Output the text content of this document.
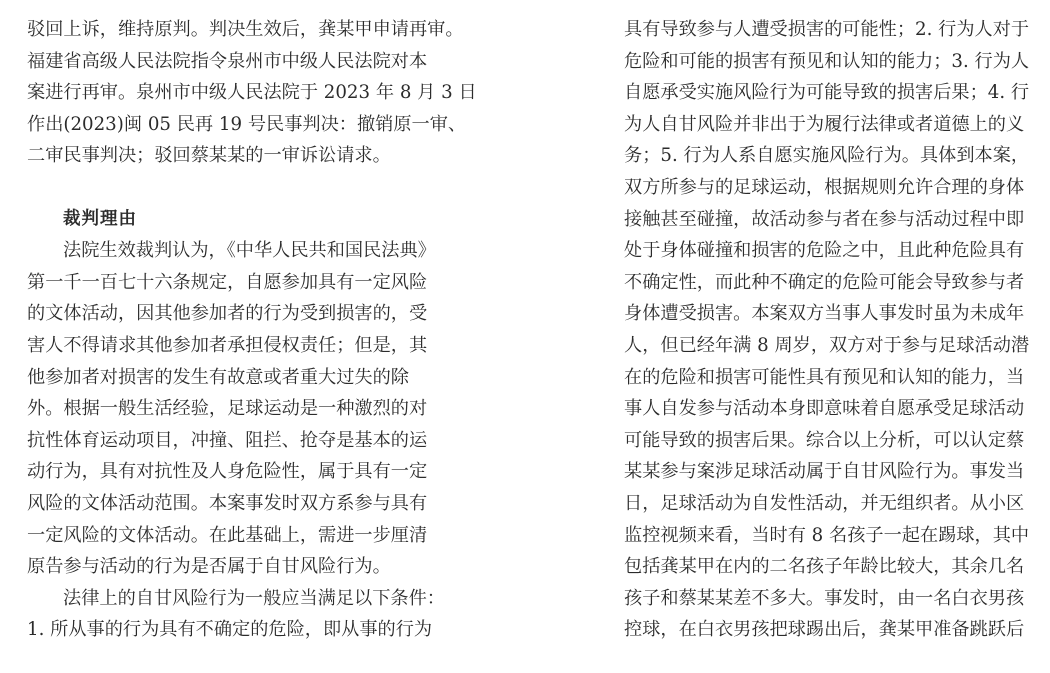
驳回上诉，维持原判。判决生效后，龚某甲申请再审。
福建省高级人民法院指令泉州市中级人民法院对本
案进行再审。泉州市中级人民法院于 2023 年 8 月 3 日
作出(2023)闽 05 民再 19 号民事判决：撤销原一审、
二审民事判决；驳回蔡某某的一审诉讼请求。
裁判理由
法院生效裁判认为，《中华人民共和国民法典》
第一千一百七十六条规定，自愿参加具有一定风险
的文体活动，因其他参加者的行为受到损害的，受
害人不得请求其他参加者承担侵权责任；但是，其
他参加者对损害的发生有故意或者重大过失的除
外。根据一般生活经验，足球运动是一种激烈的对
抗性体育运动项目，冲撞、阻拦、抢夺是基本的运
动行为，具有对抗性及人身危险性，属于具有一定
风险的文体活动范围。本案事发时双方系参与具有
一定风险的文体活动。在此基础上，需进一步厘清
原告参与活动的行为是否属于自甘风险行为。
法律上的自甘风险行为一般应当满足以下条件：
1. 所从事的行为具有不确定的危险，即从事的行为
具有导致参与人遭受损害的可能性；2. 行为人对于
危险和可能的损害有预见和认知的能力；3. 行为人
自愿承受实施风险行为可能导致的损害后果；4. 行
为人自甘风险并非出于为履行法律或者道德上的义
务；5. 行为人系自愿实施风险行为。具体到本案，
双方所参与的足球运动，根据规则允许合理的身体
接触甚至碰撞，故活动参与者在参与活动过程中即
处于身体碰撞和损害的危险之中，且此种危险具有
不确定性，而此种不确定的危险可能会导致参与者
身体遭受损害。本案双方当事人事发时虽为未成年
人，但已经年满 8 周岁，双方对于参与足球活动潜
在的危险和损害可能性具有预见和认知的能力，当
事人自发参与活动本身即意味着自愿承受足球活动
可能导致的损害后果。综合以上分析，可以认定蔡
某某参与案涉足球活动属于自甘风险行为。事发当
日，足球活动为自发性活动，并无组织者。从小区
监控视频来看，当时有 8 名孩子一起在踢球，其中
包括龚某甲在内的二名孩子年龄比较大，其余几名
孩子和蔡某某差不多大。事发时，由一名白衣男孩
控球，在白衣男孩把球踢出后，龚某甲准备跳跃后
